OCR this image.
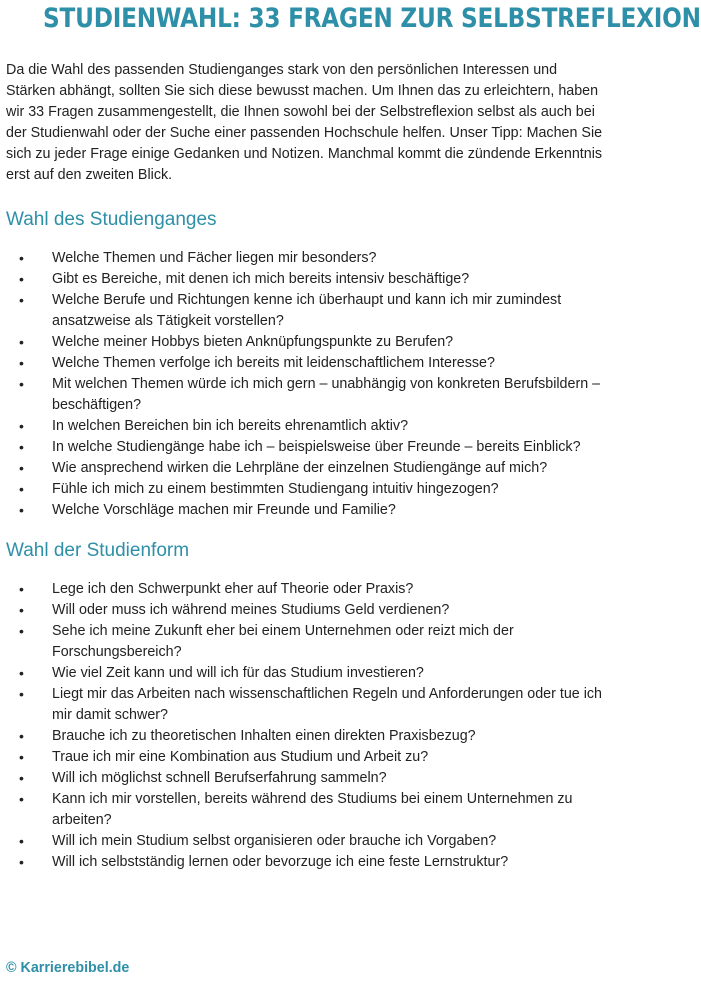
STUDIENWAHL: 33 FRAGEN ZUR SELBSTREFLEXION

Da die Wahl des passenden Studienganges stark von den persönlichen Interessen und Stärken abhängt, sollten Sie sich diese bewusst machen. Um Ihnen das zu erleichtern, haben wir 33 Fragen zusammengestellt, die Ihnen sowohl bei der Selbstreflexion selbst als auch bei der Studienwahl oder der Suche einer passenden Hochschule helfen. Unser Tipp: Machen Sie sich zu jeder Frage einige Gedanken und Notizen. Manchmal kommt die zündende Erkenntnis erst auf den zweiten Blick.

Wahl des Studienganges
• Welche Themen und Fächer liegen mir besonders?
• Gibt es Bereiche, mit denen ich mich bereits intensiv beschäftige?
• Welche Berufe und Richtungen kenne ich überhaupt und kann ich mir zumindest ansatzweise als Tätigkeit vorstellen?
• Welche meiner Hobbys bieten Anknüpfungspunkte zu Berufen?
• Welche Themen verfolge ich bereits mit leidenschaftlichem Interesse?
• Mit welchen Themen würde ich mich gern – unabhängig von konkreten Berufsbildern – beschäftigen?
• In welchen Bereichen bin ich bereits ehrenamtlich aktiv?
• In welche Studiengänge habe ich – beispielsweise über Freunde – bereits Einblick?
• Wie ansprechend wirken die Lehrpläne der einzelnen Studiengänge auf mich?
• Fühle ich mich zu einem bestimmten Studiengang intuitiv hingezogen?
• Welche Vorschläge machen mir Freunde und Familie?
Wahl der Studienform
• Lege ich den Schwerpunkt eher auf Theorie oder Praxis?
• Will oder muss ich während meines Studiums Geld verdienen?
• Sehe ich meine Zukunft eher bei einem Unternehmen oder reizt mich der Forschungsbereich?
• Wie viel Zeit kann und will ich für das Studium investieren?
• Liegt mir das Arbeiten nach wissenschaftlichen Regeln und Anforderungen oder tue ich mir damit schwer?
• Brauche ich zu theoretischen Inhalten einen direkten Praxisbezug?
• Traue ich mir eine Kombination aus Studium und Arbeit zu?
• Will ich möglichst schnell Berufserfahrung sammeln?
• Kann ich mir vorstellen, bereits während des Studiums bei einem Unternehmen zu arbeiten?
• Will ich mein Studium selbst organisieren oder brauche ich Vorgaben?
• Will ich selbstständig lernen oder bevorzuge ich eine feste Lernstruktur?
© Karrierebibel.de
